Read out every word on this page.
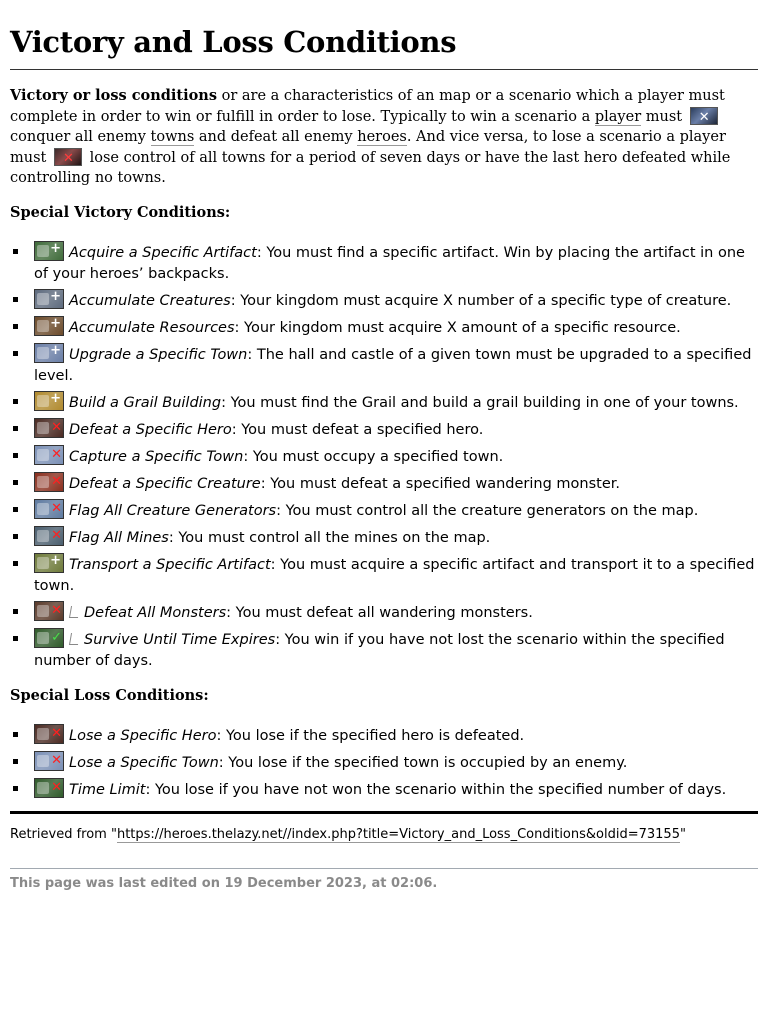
Victory and Loss Conditions

Victory or loss conditions or are a characteristics of an map or a scenario which a player must complete in order to win or fulfill in order to lose. Typically to win a scenario a player must ✕ conquer all enemy towns and defeat all enemy heroes. And vice versa, to lose a scenario a player must ✕ lose control of all towns for a period of seven days or have the last hero defeated while controlling no towns.

Special Victory Conditions:
+Acquire a Specific Artifact: You must find a specific artifact. Win by placing the artifact in one of your heroes’ backpacks.
+Accumulate Creatures: Your kingdom must acquire X number of a specific type of creature.
+Accumulate Resources: Your kingdom must acquire X amount of a specific resource.
+Upgrade a Specific Town: The hall and castle of a given town must be upgraded to a specified level.
+Build a Grail Building: You must find the Grail and build a grail building in one of your towns.
✕Defeat a Specific Hero: You must defeat a specified hero.
✕Capture a Specific Town: You must occupy a specified town.
✕Defeat a Specific Creature: You must defeat a specified wandering monster.
✕Flag All Creature Generators: You must control all the creature generators on the map.
✕Flag All Mines: You must control all the mines on the map.
+Transport a Specific Artifact: You must acquire a specific artifact and transport it to a specified town.
✕Defeat All Monsters: You must defeat all wandering monsters.
✓Survive Until Time Expires: You win if you have not lost the scenario within the specified number of days.
Special Loss Conditions:
✕Lose a Specific Hero: You lose if the specified hero is defeated.
✕Lose a Specific Town: You lose if the specified town is occupied by an enemy.
✕Time Limit: You lose if you have not won the scenario within the specified number of days.
Retrieved from "https://heroes.thelazy.net//index.php?title=Victory_and_Loss_Conditions&oldid=73155"
This page was last edited on 19 December 2023, at 02:06.
